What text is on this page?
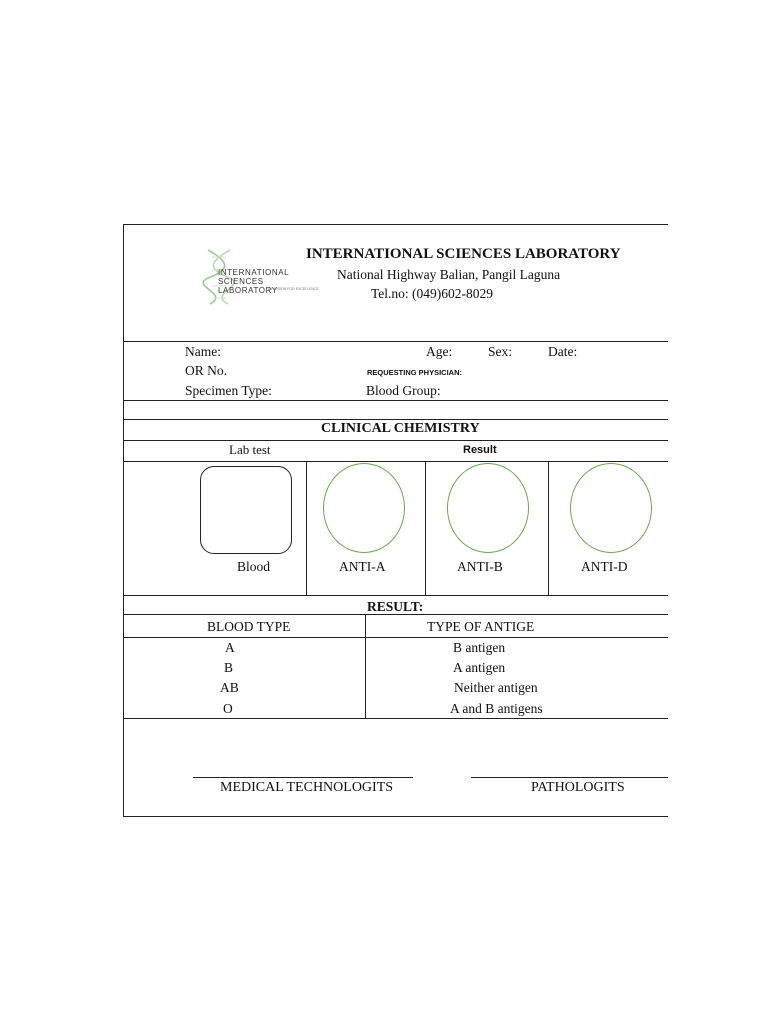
INTERNATIONAL
SCIENCES LABORATORY
A PASSION FOR EXCELLENCE
INTERNATIONAL SCIENCES LABORATORY
National Highway Balian, Pangil Laguna
Tel.no: (049)602-8029
Name:	Age:	Sex:	Date:
OR No.	REQUESTING PHYSICIAN:
Specimen Type:	Blood Group:
CLINICAL CHEMISTRY
Lab test	Result
Blood	ANTI-A	ANTI-B	ANTI-D
RESULT:
BLOOD TYPE	TYPE OF ANTIGE
A	B antigen
B	A antigen
AB	Neither antigen
O	A and B antigens
MEDICAL TECHNOLOGITS	PATHOLOGITS
